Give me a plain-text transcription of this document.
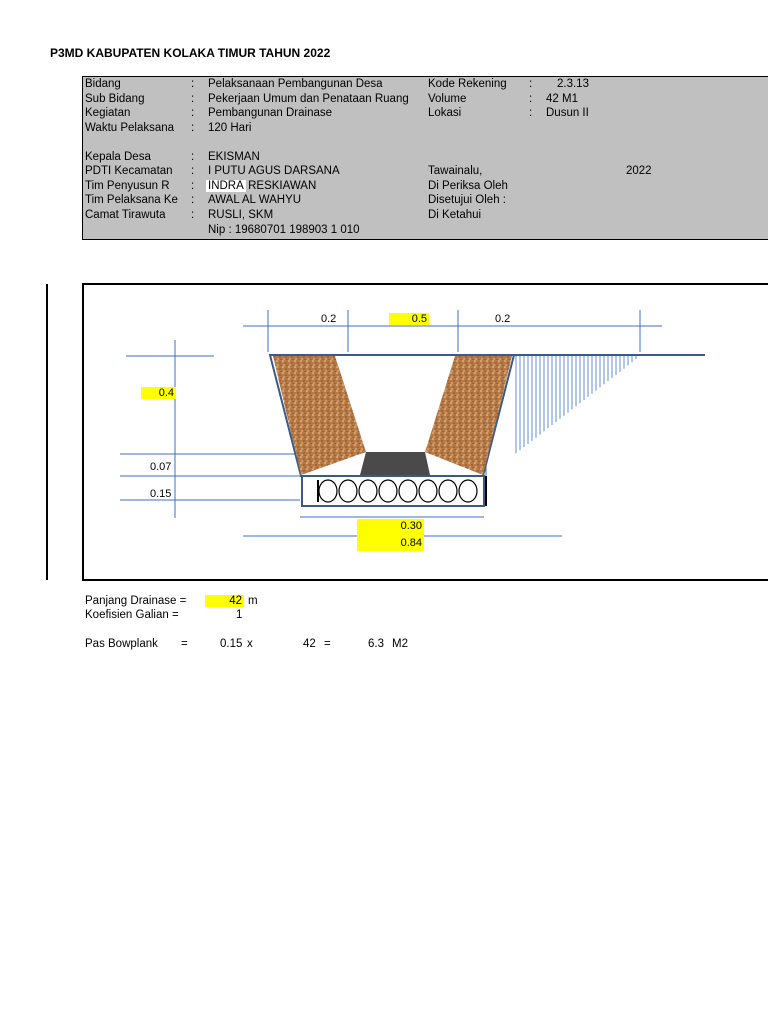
P3MD KABUPATEN KOLAKA TIMUR TAHUN 2022
Bidang	: Pelaksanaan Pembangunan Desa
Sub Bidang	: Pekerjaan Umum dan Penataan Ruang
Kegiatan	: Pembangunan Drainase
Waktu Pelaksana : 120 Hari
Kepala Desa	: EKISMAN
PDTI Kecamatan : I PUTU AGUS DARSANA
Tim Penyusun R : INDRA  RESKIAWAN
Tim Pelaksana Ke : AWAL AL WAHYU
Camat Tirawuta : RUSLI, SKM
Nip : 19680701 198903 1 010
Kode Rekening : 2.3.13
Volume	: 42 M1
Lokasi	: Dusun II
Tawainalu,	2022
Di Periksa Oleh
Disetujui Oleh :
Di Ketahui
0.2	0.5	0.2
0.4
0.07
0.15
0.30
0.84
Panjang Drainase =	42 m
Koefisien Galian =	1
Pas Bowplank =	0.15 x	42 =	6.3 M2
